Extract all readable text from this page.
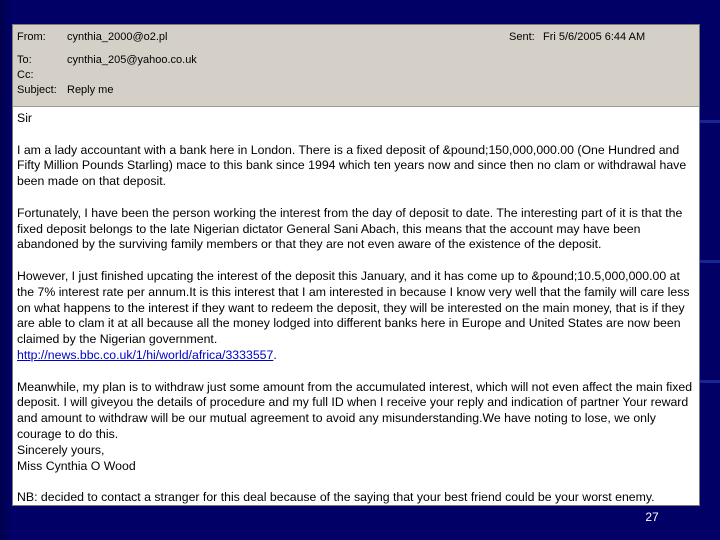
From: cynthia_2000@o2.pl	Sent: Fri 5/6/2005 6:44 AM
To:	cynthia_205@yahoo.co.uk
Cc:
Subject: Reply me

Sir

I am a lady accountant with a bank here in London. There is a fixed deposit of &pound;150,000,000.00 (One Hundred and Fifty Million Pounds Starling) mace to this bank since 1994 which ten years now and since then no clam or withdrawal have been made on that deposit.

Fortunately, I have been the person working the interest from the day of deposit to date. The interesting part of it is that the fixed deposit belongs to the late Nigerian dictator General Sani Abach, this means that the account may have been abandoned by the surviving family members or that they are not even aware of the existence of the deposit.

However, I just finished upcating the interest of the deposit this January, and it has come up to &pound;10.5,000,000.00 at the 7% interest rate per annum.It is this interest that I am interested in because I know very well that the family will care less on what happens to the interest if they want to redeem the deposit, they will be interested on the main money, that is if they are able to clam it at all because all the money lodged into different banks here in Europe and United States are now been claimed by the Nigerian government.

http://news.bbc.co.uk/1/hi/world/africa/3333557.

Meanwhile, my plan is to withdraw just some amount from the accumulated interest, which will not even affect the main fixed deposit. I will giveyou the details of procedure and my full ID when I receive your reply and indication of partner Your reward and amount to withdraw will be our mutual agreement to avoid any misunderstanding.We have noting to lose, we only courage to do this.

Sincerely yours,

Miss Cynthia O Wood

NB: decided to contact a stranger for this deal because of the saying that your best friend could be your worst enemy.

27
